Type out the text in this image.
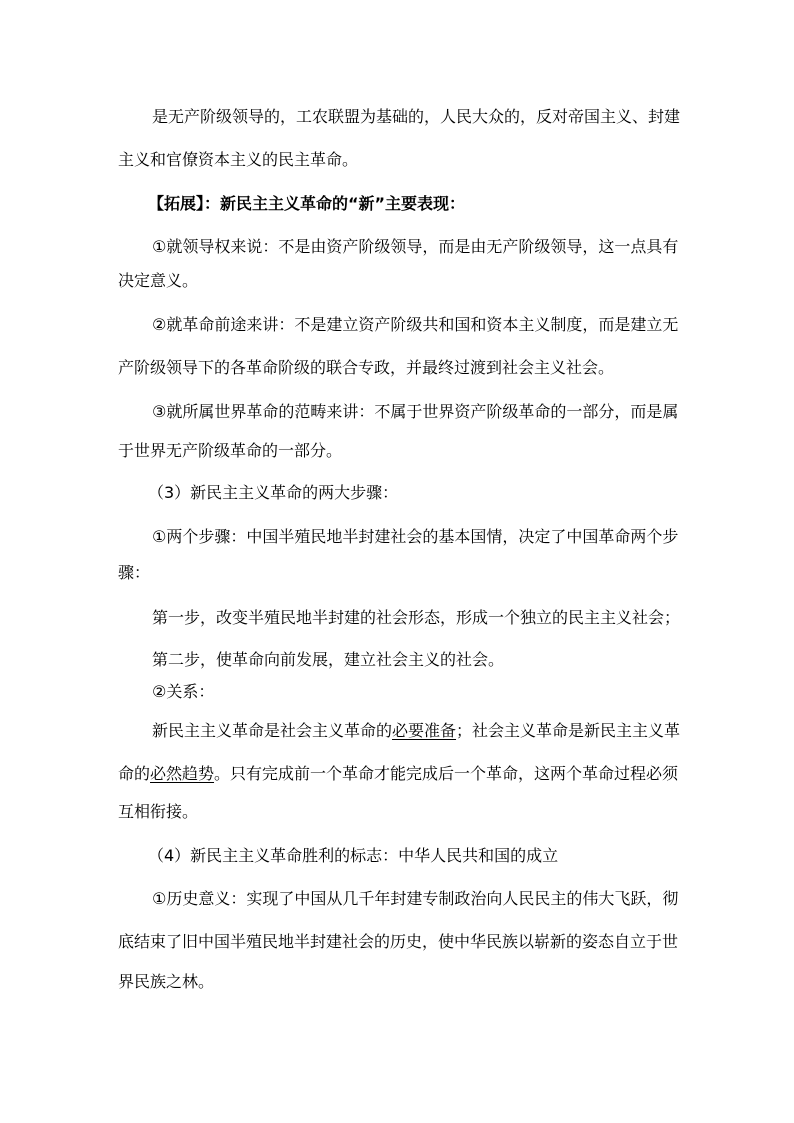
是无产阶级领导的，工农联盟为基础的，人民大众的，反对帝国主义、封建
主义和官僚资本主义的民主革命。
【拓展】：新民主主义革命的“新”主要表现：
①就领导权来说：不是由资产阶级领导，而是由无产阶级领导，这一点具有
决定意义。
②就革命前途来讲：不是建立资产阶级共和国和资本主义制度，而是建立无
产阶级领导下的各革命阶级的联合专政，并最终过渡到社会主义社会。
③就所属世界革命的范畴来讲：不属于世界资产阶级革命的一部分，而是属
于世界无产阶级革命的一部分。
（3）新民主主义革命的两大步骤：
①两个步骤：中国半殖民地半封建社会的基本国情，决定了中国革命两个步
骤：
第一步，改变半殖民地半封建的社会形态，形成一个独立的民主主义社会；
第二步，使革命向前发展，建立社会主义的社会。
②关系：
新民主主义革命是社会主义革命的必要准备；社会主义革命是新民主主义革
命的必然趋势。只有完成前一个革命才能完成后一个革命，这两个革命过程必须
互相衔接。
（4）新民主主义革命胜利的标志：中华人民共和国的成立
①历史意义：实现了中国从几千年封建专制政治向人民民主的伟大飞跃，彻
底结束了旧中国半殖民地半封建社会的历史，使中华民族以崭新的姿态自立于世
界民族之林。
